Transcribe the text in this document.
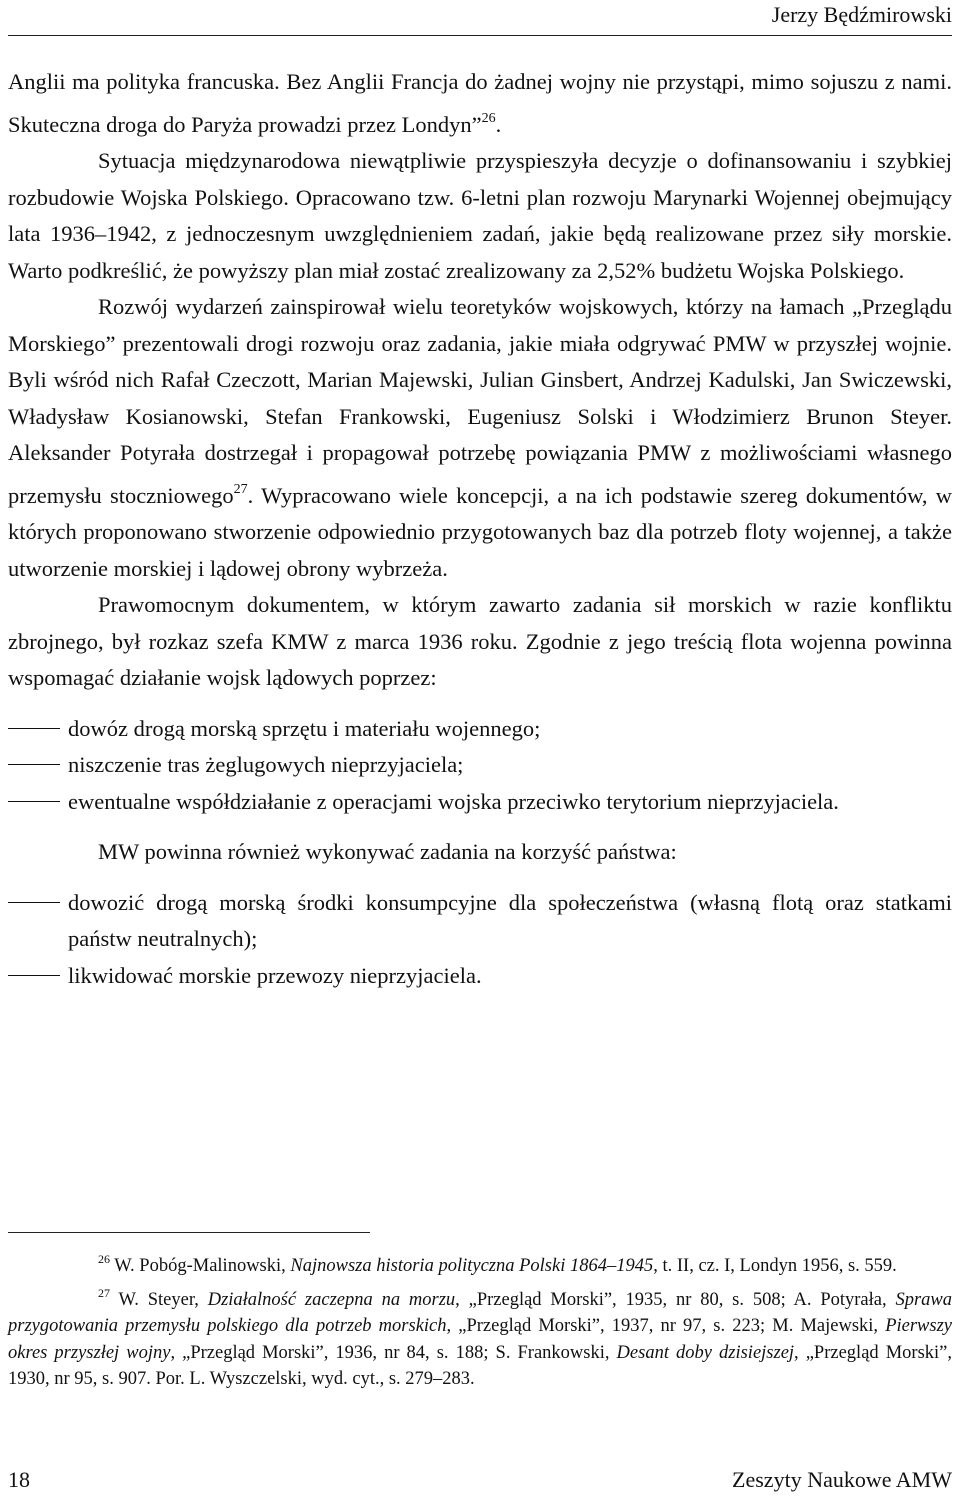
Jerzy Będźmirowski

Anglii ma polityka francuska. Bez Anglii Francja do żadnej wojny nie przystąpi, mimo sojuszu z nami. Skuteczna droga do Paryża prowadzi przez Londyn”$^{26}$.

Sytuacja międzynarodowa niewątpliwie przyspieszyła decyzje o dofinansowaniu i szybkiej rozbudowie Wojska Polskiego. Opracowano tzw. 6-letni plan rozwoju Marynarki Wojennej obejmujący lata 1936–1942, z jednoczesnym uwzględnieniem zadań, jakie będą realizowane przez siły morskie. Warto podkreślić, że powyższy plan miał zostać zrealizowany za 2,52% budżetu Wojska Polskiego.

Rozwój wydarzeń zainspirował wielu teoretyków wojskowych, którzy na łamach „Przeglądu Morskiego” prezentowali drogi rozwoju oraz zadania, jakie miała odgrywać PMW w przyszłej wojnie. Byli wśród nich Rafał Czeczott, Marian Majewski, Julian Ginsbert, Andrzej Kadulski, Jan Swiczewski, Władysław Kosianowski, Stefan Frankowski, Eugeniusz Solski i Włodzimierz Brunon Steyer. Aleksander Potyrała dostrzegał i propagował potrzebę powiązania PMW z możliwościami własnego przemysłu stoczniowego$^{27}$. Wypracowano wiele koncepcji, a na ich podstawie szereg dokumentów, w których proponowano stworzenie odpowiednio przygotowanych baz dla potrzeb floty wojennej, a także utworzenie morskiej i lądowej obrony wybrzeża.

Prawomocnym dokumentem, w którym zawarto zadania sił morskich w razie konfliktu zbrojnego, był rozkaz szefa KMW z marca 1936 roku. Zgodnie z jego treścią flota wojenna powinna wspomagać działanie wojsk lądowych poprzez:

dowóz drogą morską sprzętu i materiału wojennego;
niszczenie tras żeglugowych nieprzyjaciela;
ewentualne współdziałanie z operacjami wojska przeciwko terytorium nieprzyjaciela.

MW powinna również wykonywać zadania na korzyść państwa:

dowozić drogą morską środki konsumpcyjne dla społeczeństwa (własną flotą oraz statkami państw neutralnych);
likwidować morskie przewozy nieprzyjaciela.

$^{26}$ W. Pobóg-Malinowski, Najnowsza historia polityczna Polski 1864–1945, t. II, cz. I, Londyn 1956, s. 559.

$^{27}$ W. Steyer, Działalność zaczepna na morzu, „Przegląd Morski”, 1935, nr 80, s. 508; A. Potyrała, Sprawa przygotowania przemysłu polskiego dla potrzeb morskich, „Przegląd Morski”, 1937, nr 97, s. 223; M. Majewski, Pierwszy okres przyszłej wojny, „Przegląd Morski”, 1936, nr 84, s. 188; S. Frankowski, Desant doby dzisiejszej, „Przegląd Morski”, 1930, nr 95, s. 907. Por. L. Wyszczelski, wyd. cyt., s. 279–283.

18	Zeszyty Naukowe AMW
